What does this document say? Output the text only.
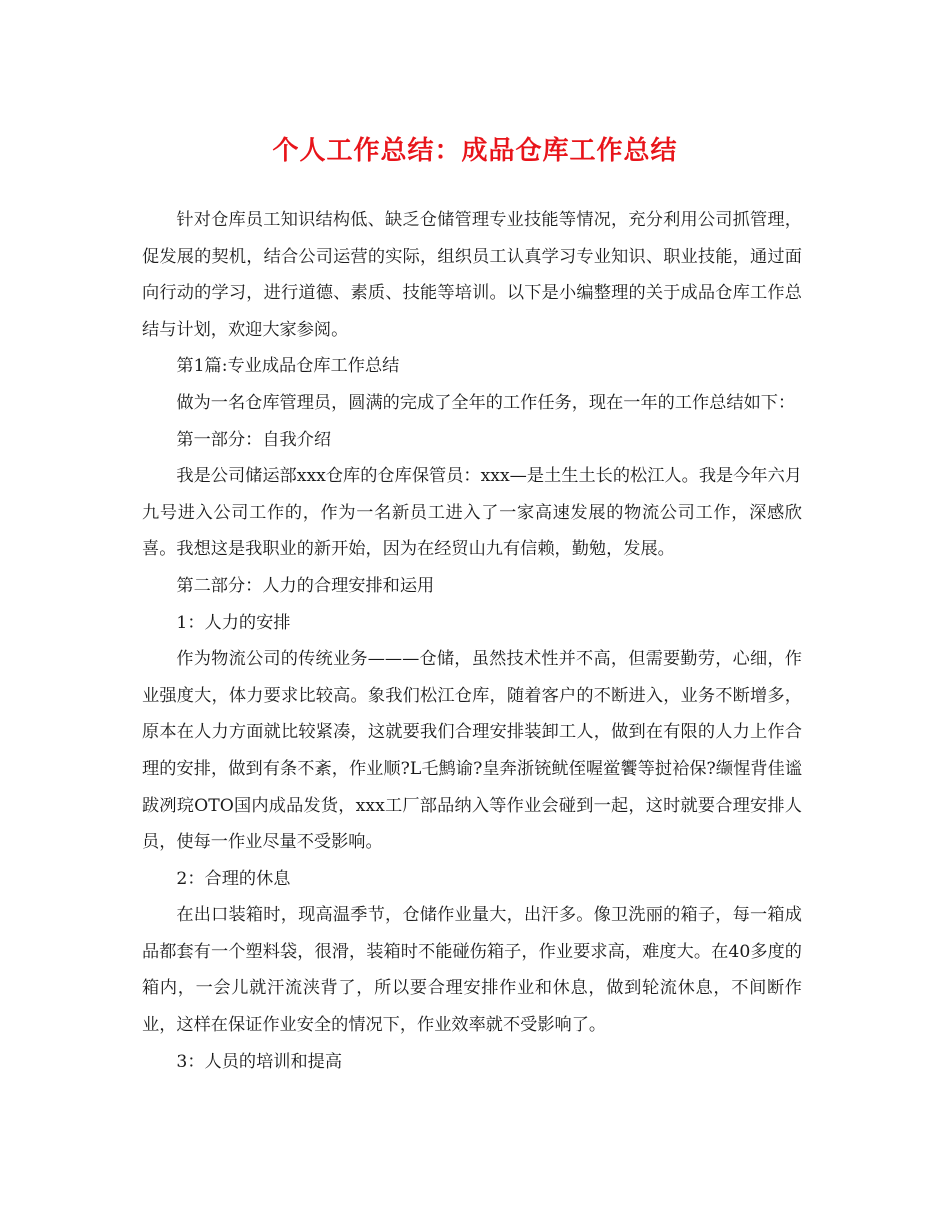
个人工作总结：成品仓库工作总结

针对仓库员工知识结构低、缺乏仓储管理专业技能等情况，充分利用公司抓管理，促发展的契机，结合公司运营的实际，组织员工认真学习专业知识、职业技能，通过面向行动的学习，进行道德、素质、技能等培训。以下是小编整理的关于成品仓库工作总结与计划，欢迎大家参阅。

第1篇:专业成品仓库工作总结

做为一名仓库管理员，圆满的完成了全年的工作任务，现在一年的工作总结如下：

第一部分：自我介绍

我是公司储运部xxx仓库的仓库保管员：xxx—是土生土长的松江人。我是今年六月九号进入公司工作的，作为一名新员工进入了一家高速发展的物流公司工作，深感欣喜。我想这是我职业的新开始，因为在经贸山九有信赖，勤勉，发展。

第二部分：人力的合理安排和运用

1：人力的安排

作为物流公司的传统业务———仓储，虽然技术性并不高，但需要勤劳，心细，作业强度大，体力要求比较高。象我们松江仓库，随着客户的不断进入，业务不断增多，原本在人力方面就比较紧凑，这就要我们合理安排装卸工人，做到在有限的人力上作合理的安排，做到有条不紊，作业顺?L乇鹪谕?皇奔浙铳鱿侄喔鲎饗等挝袷保?缬惺背佳谧跋冽琓OTO国内成品发货，xxx工厂部品纳入等作业会碰到一起，这时就要合理安排人员，使每一作业尽量不受影响。

2：合理的休息

在出口装箱时，现高温季节，仓储作业量大，出汗多。像卫洗丽的箱子，每一箱成品都套有一个塑料袋，很滑，装箱时不能碰伤箱子，作业要求高，难度大。在40多度的箱内，一会儿就汗流浃背了，所以要合理安排作业和休息，做到轮流休息，不间断作业，这样在保证作业安全的情况下，作业效率就不受影响了。

3：人员的培训和提高
